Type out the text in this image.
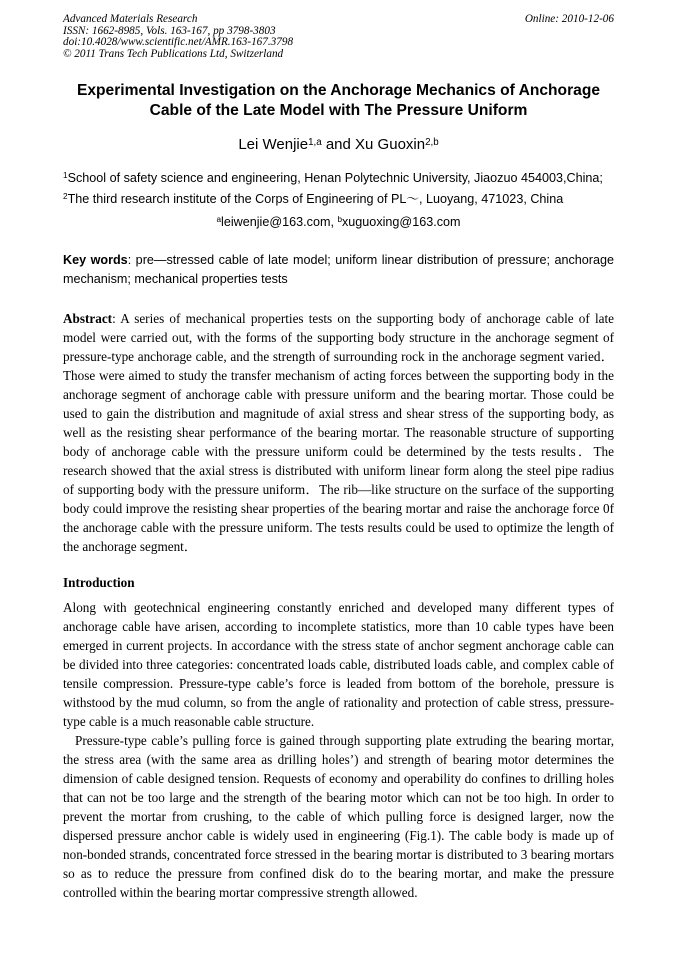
Advanced Materials Research
ISSN: 1662-8985, Vols. 163-167, pp 3798-3803
doi:10.4028/www.scientific.net/AMR.163-167.3798
© 2011 Trans Tech Publications Ltd, Switzerland
Online: 2010-12-06
Experimental Investigation on the Anchorage Mechanics of Anchorage
Cable of the Late Model with The Pressure Uniform
Lei Wenjie$^{1,a}$ and Xu Guoxin$^{2,b}$
$^1$School of safety science and engineering, Henan Polytechnic University, Jiaozuo 454003,China;
$^2$The third research institute of the Corps of Engineering of PL～, Luoyang, 471023, China
$^a$leiwenjie@163.com, $^b$xuguoxing@163.com
Key words: pre—stressed cable of late model; uniform linear distribution of pressure; anchorage mechanism; mechanical properties tests
Abstract: A series of mechanical properties tests on the supporting body of anchorage cable of late model were carried out, with the forms of the supporting body structure in the anchorage segment of pressure-type anchorage cable, and the strength of surrounding rock in the anchorage segment varied．Those were aimed to study the transfer mechanism of acting forces between the supporting body in the anchorage segment of anchorage cable with pressure uniform and the bearing mortar. Those could be used to gain the distribution and magnitude of axial stress and shear stress of the supporting body, as well as the resisting shear performance of the bearing mortar. The reasonable structure of supporting body of anchorage cable with the pressure uniform could be determined by the tests results．The research showed that the axial stress is distributed with uniform linear form along the steel pipe radius of supporting body with the pressure uniform．The rib—like structure on the surface of the supporting body could improve the resisting shear properties of the bearing mortar and raise the anchorage force 0f the anchorage cable with the pressure uniform. The tests results could be used to optimize the length of the anchorage segment．
Introduction
Along with geotechnical engineering constantly enriched and developed many different types of anchorage cable have arisen, according to incomplete statistics, more than 10 cable types have been emerged in current projects. In accordance with the stress state of anchor segment anchorage cable can be divided into three categories: concentrated loads cable, distributed loads cable, and complex cable of tensile compression. Pressure-type cable’s force is leaded from bottom of the borehole, pressure is withstood by the mud column, so from the angle of rationality and protection of cable stress, pressure-type cable is a much reasonable cable structure.
Pressure-type cable’s pulling force is gained through supporting plate extruding the bearing mortar, the stress area (with the same area as drilling holes’) and strength of bearing motor determines the dimension of cable designed tension. Requests of economy and operability do confines to drilling holes that can not be too large and the strength of the bearing motor which can not be too high. In order to prevent the mortar from crushing, to the cable of which pulling force is designed larger, now the dispersed pressure anchor cable is widely used in engineering (Fig.1). The cable body is made up of non-bonded strands, concentrated force stressed in the bearing mortar is distributed to 3 bearing mortars so as to reduce the pressure from confined disk do to the bearing mortar, and make the pressure controlled within the bearing mortar compressive strength allowed.
